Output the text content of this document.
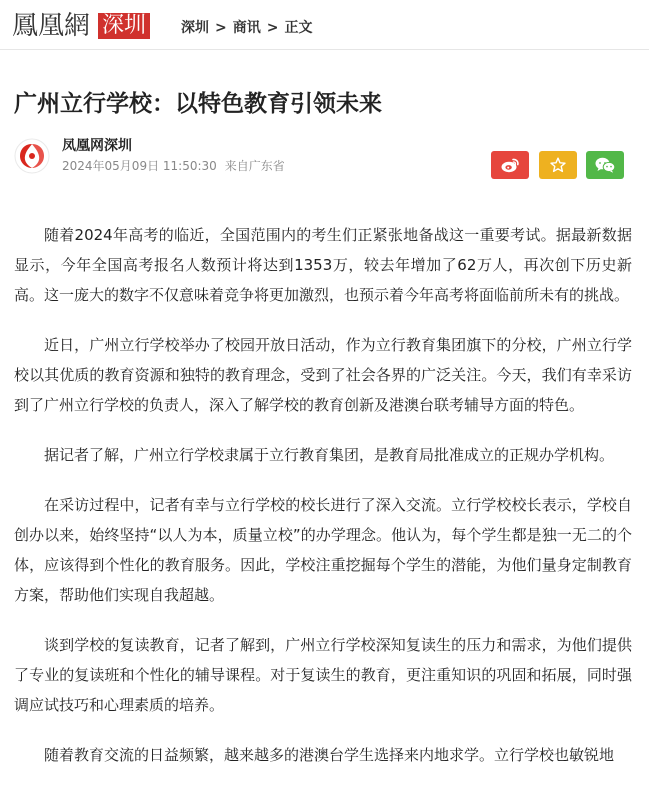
鳳凰網 深圳 深圳 > 商讯 > 正文
广州立行学校：以特色教育引领未来
凤凰网深圳
2024年05月09日 11:50:30 来自广东省

随着2024年高考的临近，全国范围内的考生们正紧张地备战这一重要考试。据最新数据显示，今年全国高考报名人数预计将达到1353万，较去年增加了62万人，再次创下历史新高。这一庞大的数字不仅意味着竞争将更加激烈，也预示着今年高考将面临前所未有的挑战。

近日，广州立行学校举办了校园开放日活动，作为立行教育集团旗下的分校，广州立行学校以其优质的教育资源和独特的教育理念，受到了社会各界的广泛关注。今天，我们有幸采访到了广州立行学校的负责人，深入了解学校的教育创新及港澳台联考辅导方面的特色。

据记者了解，广州立行学校隶属于立行教育集团，是教育局批准成立的正规办学机构。

在采访过程中，记者有幸与立行学校的校长进行了深入交流。立行学校校长表示，学校自创办以来，始终坚持“以人为本，质量立校”的办学理念。他认为，每个学生都是独一无二的个体，应该得到个性化的教育服务。因此，学校注重挖掘每个学生的潜能，为他们量身定制教育方案，帮助他们实现自我超越。

谈到学校的复读教育，记者了解到，广州立行学校深知复读生的压力和需求，为他们提供了专业的复读班和个性化的辅导课程。对于复读生的教育，更注重知识的巩固和拓展，同时强调应试技巧和心理素质的培养。

随着教育交流的日益频繁，越来越多的港澳台学生选择来内地求学。立行学校也敏锐地
